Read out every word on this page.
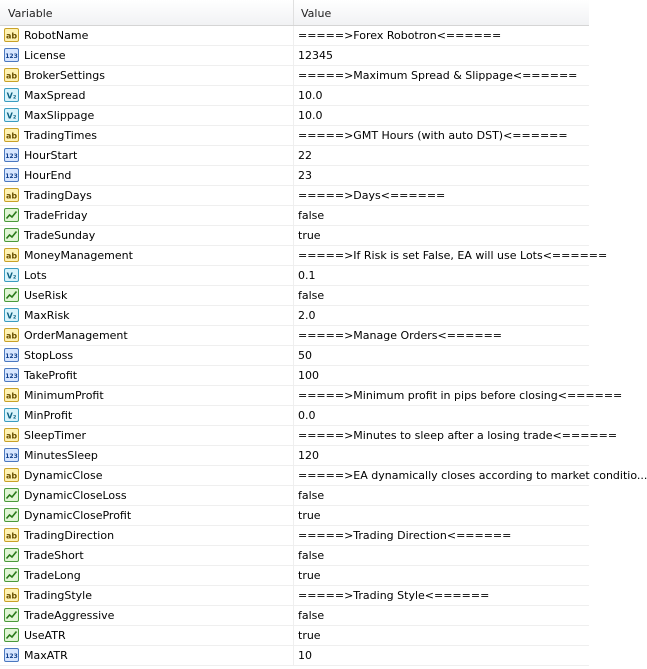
Variable	Value
ab RobotName	=====>Forex Robotron<======
123 License	12345
ab BrokerSettings	=====>Maximum Spread & Slippage<======
V₂ MaxSpread	10.0
V₂ MaxSlippage	10.0
ab TradingTimes	=====>GMT Hours (with auto DST)<======
123 HourStart	22
123 HourEnd	23
ab TradingDays	=====>Days<======
TradeFriday	false
TradeSunday	true
ab MoneyManagement	=====>If Risk is set False, EA will use Lots<======
V₂ Lots	0.1
UseRisk	false
V₂ MaxRisk	2.0
ab OrderManagement	=====>Manage Orders<======
123 StopLoss	50
123 TakeProfit	100
ab MinimumProfit	=====>Minimum profit in pips before closing<======
V₂ MinProfit	0.0
ab SleepTimer	=====>Minutes to sleep after a losing trade<======
123 MinutesSleep	120
ab DynamicClose	=====>EA dynamically closes according to market conditio...
DynamicCloseLoss	false
DynamicCloseProfit	true
ab TradingDirection	=====>Trading Direction<======
TradeShort	false
TradeLong	true
ab TradingStyle	=====>Trading Style<======
TradeAggressive	false
UseATR	true
123 MaxATR	10
